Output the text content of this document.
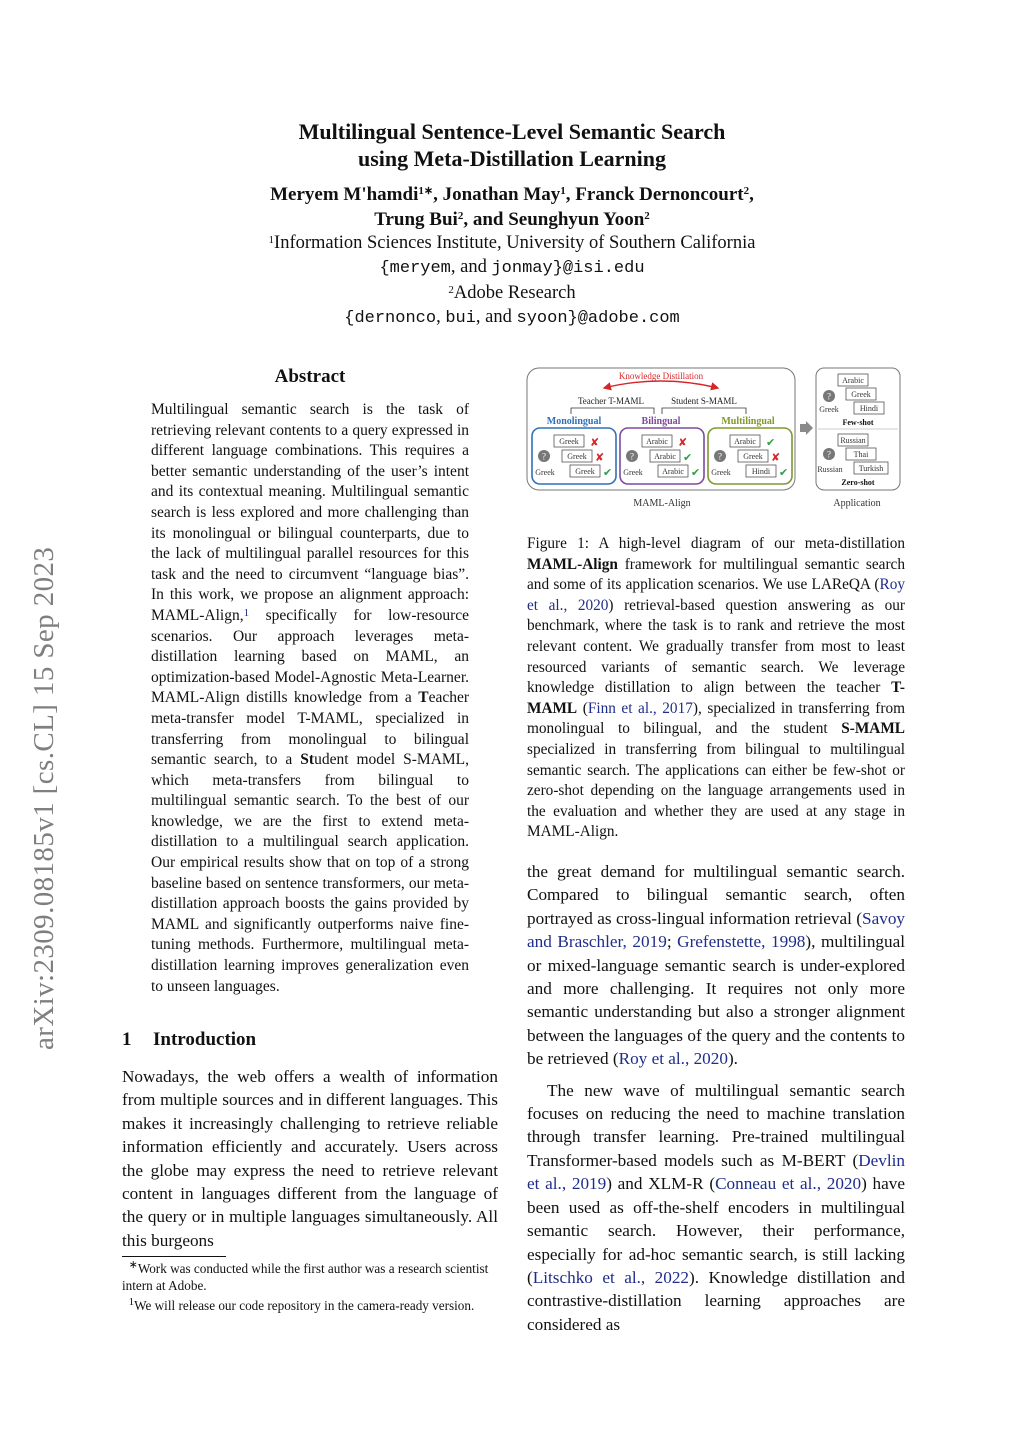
Multilingual Sentence-Level Semantic Search
using Meta-Distillation Learning
Meryem M'hamdi$^{1∗}$, Jonathan May$^1$, Franck Dernoncourt$^2$,
Trung Bui$^2$, and Seunghyun Yoon$^2$
$^1$Information Sciences Institute, University of Southern California
{meryem, and jonmay}@isi.edu
$^2$Adobe Research
{dernonco, bui, and syoon}@adobe.com
arXiv:2309.08185v1 [cs.CL] 15 Sep 2023
Abstract
Multilingual semantic search is the task of retrieving relevant contents to a query expressed in different language combinations. This requires a better semantic understanding of the user’s intent and its contextual meaning. Multilingual semantic search is less explored and more challenging than its monolingual or bilingual counterparts, due to the lack of multilingual parallel resources for this task and the need to circumvent “language bias”. In this work, we propose an alignment approach: MAML-Align,$^1$ specifically for low-resource scenarios. Our approach leverages meta-distillation learning based on MAML, an optimization-based Model-Agnostic Meta-Learner. MAML-Align distills knowledge from a Teacher meta-transfer model T-MAML, specialized in transferring from monolingual to bilingual semantic search, to a Student model S-MAML, which meta-transfers from bilingual to multilingual semantic search. To the best of our knowledge, we are the first to extend meta-distillation to a multilingual search application. Our empirical results show that on top of a strong baseline based on sentence transformers, our meta-distillation approach boosts the gains provided by MAML and significantly outperforms naive fine-tuning methods. Furthermore, multilingual meta-distillation learning improves generalization even to unseen languages.
1 Introduction
Nowadays, the web offers a wealth of information from multiple sources and in different languages. This makes it increasingly challenging to retrieve reliable information efficiently and accurately. Users across the globe may express the need to retrieve relevant content in languages different from the language of the query or in multiple languages simultaneously. All this burgeons

∗Work was conducted while the first author was a research scientist intern at Adobe.

$^1$We will release our code repository in the camera-ready version.

Knowledge Distillation
Teacher T-MAML	Student S-MAML
Monolingual	Bilingual	Multilingual
?
Greek
Greek ✘
Greek ✘
Greek ✔
?
Greek
Arabic ✘
Arabic ✔
Arabic ✔
?
Greek
Arabic ✔
Greek ✘
Hindi ✔
MAML-Align
?
Greek
Arabic
Greek
Hindi
Few-shot
?
Russian
Russian
Thai
Turkish
Zero-shot
Application
Figure 1: A high-level diagram of our meta-distillation MAML-Align framework for multilingual semantic search and some of its application scenarios. We use LAReQA (Roy et al., 2020) retrieval-based question answering as our benchmark, where the task is to rank and retrieve the most relevant content. We gradually transfer from most to least resourced variants of semantic search. We leverage knowledge distillation to align between the teacher T-MAML (Finn et al., 2017), specialized in transferring from monolingual to bilingual, and the student S-MAML specialized in transferring from bilingual to multilingual semantic search. The applications can either be few-shot or zero-shot depending on the language arrangements used in the evaluation and whether they are used at any stage in MAML-Align.

the great demand for multilingual semantic search. Compared to bilingual semantic search, often portrayed as cross-lingual information retrieval (Savoy and Braschler, 2019; Grefenstette, 1998), multilingual or mixed-language semantic search is under-explored and more challenging. It requires not only more semantic understanding but also a stronger alignment between the languages of the query and the contents to be retrieved (Roy et al., 2020).

The new wave of multilingual semantic search focuses on reducing the need to machine translation through transfer learning. Pre-trained multilingual Transformer-based models such as M-BERT (Devlin et al., 2019) and XLM-R (Conneau et al., 2020) have been used as off-the-shelf encoders in multilingual semantic search. However, their performance, especially for ad-hoc semantic search, is still lacking (Litschko et al., 2022). Knowledge distillation and contrastive-distillation learning approaches are considered as
